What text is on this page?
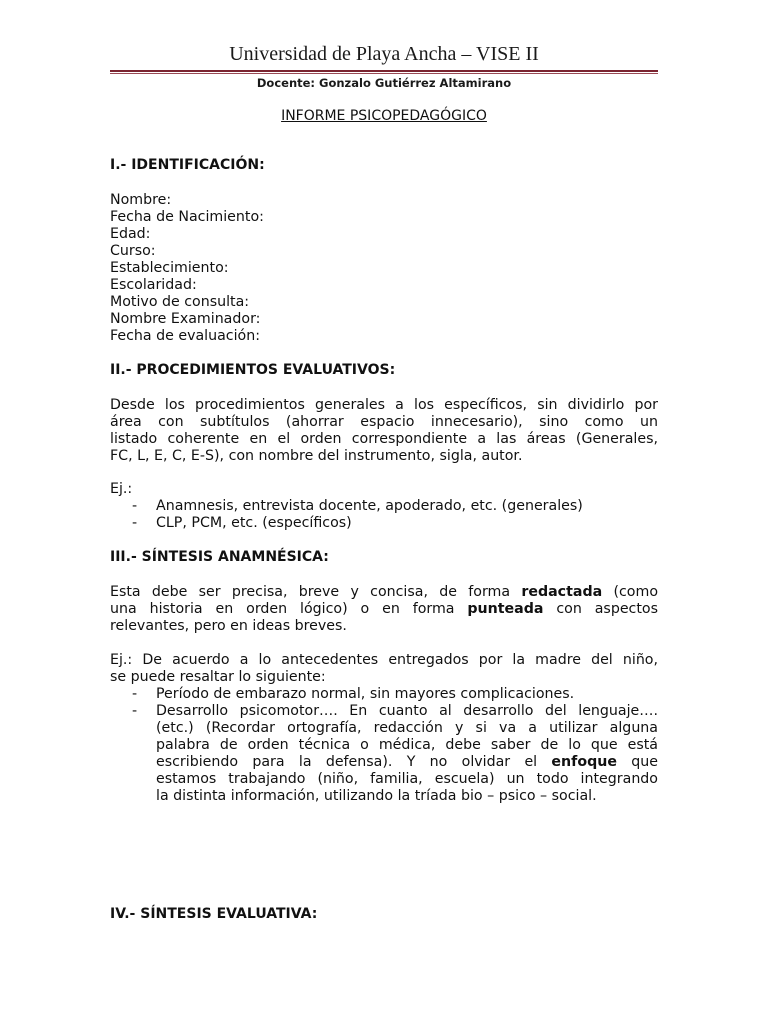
Universidad de Playa Ancha – VISE II
Docente: Gonzalo Gutiérrez Altamirano
INFORME PSICOPEDAGÓGICO
I.- IDENTIFICACIÓN:
Nombre:
Fecha de Nacimiento:
Edad:
Curso:
Establecimiento:
Escolaridad:
Motivo de consulta:
Nombre Examinador:
Fecha de evaluación:
II.- PROCEDIMIENTOS EVALUATIVOS:
Desde los procedimientos generales a los específicos, sin dividirlo por
área con subtítulos (ahorrar espacio innecesario), sino como un
listado coherente en el orden correspondiente a las áreas (Generales,
FC, L, E, C, E-S), con nombre del instrumento, sigla, autor.
Ej.:
- Anamnesis, entrevista docente, apoderado, etc. (generales)
- CLP, PCM, etc. (específicos)
III.- SÍNTESIS ANAMNÉSICA:
Esta debe ser precisa, breve y concisa, de forma redactada (como
una historia en orden lógico) o en forma punteada con aspectos
relevantes, pero en ideas breves.
Ej.: De acuerdo a lo antecedentes entregados por la madre del niño,
se puede resaltar lo siguiente:
- Período de embarazo normal, sin mayores complicaciones.
- Desarrollo psicomotor…. En cuanto al desarrollo del lenguaje….
(etc.) (Recordar ortografía, redacción y si va a utilizar alguna
palabra de orden técnica o médica, debe saber de lo que está
escribiendo para la defensa). Y no olvidar el enfoque que
estamos trabajando (niño, familia, escuela) un todo integrando
la distinta información, utilizando la tríada bio – psico – social.
IV.- SÍNTESIS EVALUATIVA:
